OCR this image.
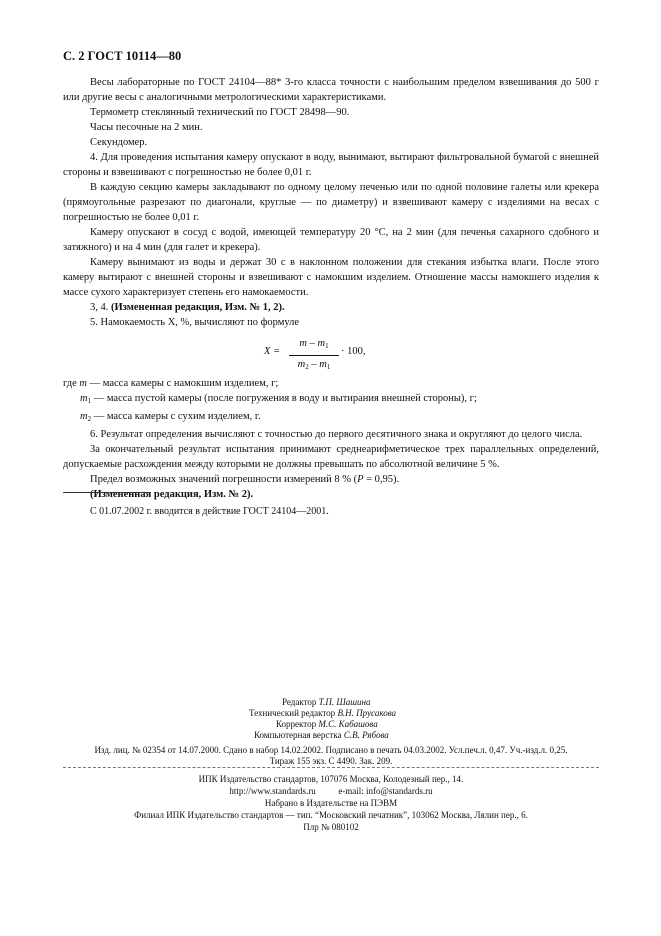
С. 2 ГОСТ 10114—80

Весы лабораторные по ГОСТ 24104—88* 3-го класса точности с наибольшим пределом взвешивания до 500 г или другие весы с аналогичными метрологическими характеристиками.

Термометр стеклянный технический по ГОСТ 28498—90.

Часы песочные на 2 мин.

Секундомер.

4. Для проведения испытания камеру опускают в воду, вынимают, вытирают фильтровальной бумагой с внешней стороны и взвешивают с погрешностью не более 0,01 г.

В каждую секцию камеры закладывают по одному целому печенью или по одной половине галеты или крекера (прямоугольные разрезают по диагонали, круглые — по диаметру) и взвешивают камеру с изделиями на весах с погрешностью не более 0,01 г.

Камеру опускают в сосуд с водой, имеющей температуру 20 °С, на 2 мин (для печенья сахарного сдобного и затяжного) и на 4 мин (для галет и крекера).

Камеру вынимают из воды и держат 30 с в наклонном положении для стекания избытка влаги. После этого камеру вытирают с внешней стороны и взвешивают с намокшим изделием. Отношение массы намокшего изделия к массе сухого характеризует степень его намокаемости.

3, 4. (Измененная редакция, Изм. № 1, 2).

5. Намокаемость X, %, вычисляют по формуле

$X = \frac{m - m_1}{m_2 - m_1} \cdot 100$,

где m — масса камеры с намокшим изделием, г;

$m_1$ — масса пустой камеры (после погружения в воду и вытирания внешней стороны), г;

$m_2$ — масса камеры с сухим изделием, г.

6. Результат определения вычисляют с точностью до первого десятичного знака и округляют до целого числа.

За окончательный результат испытания принимают среднеарифметическое трех параллельных определений, допускаемые расхождения между которыми не должны превышать по абсолютной величине 5 %.

Предел возможных значений погрешности измерений 8 % (P = 0,95).

(Измененная редакция, Изм. № 2).

С 01.07.2002 г. вводится в действие ГОСТ 24104—2001.
Редактор Т.П. Шашина
Технический редактор В.Н. Прусакова
Корректор М.С. Кабашова
Компьютерная верстка С.В. Рябова
Изд. лиц. № 02354 от 14.07.2000. Сдано в набор 14.02.2002. Подписано в печать 04.03.2002. Усл.печ.л. 0,47. Уч.-изд.л. 0,25.
Тираж 155 экз. С 4490. Зак. 209.
ИПК Издательство стандартов, 107076 Москва, Колодезный пер., 14.
http://www.standards.ru	e-mail: info@standards.ru
Набрано в Издательстве на ПЭВМ
Филиал ИПК Издательство стандартов — тип. “Московский печатник”, 103062 Москва, Лялин пер., 6.
Плр № 080102
